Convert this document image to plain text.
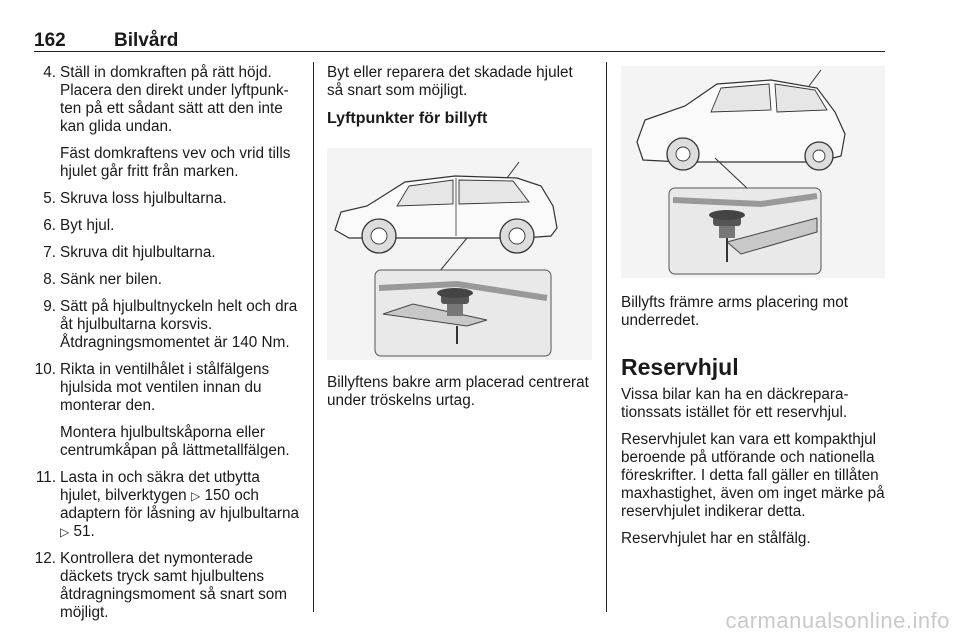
162	Bilvård
4. Ställ in domkraften på rätt höjd. Placera den direkt under lyftpunkten på ett sådant sätt att den inte kan glida undan.

Fäst domkraftens vev och vrid tills hjulet går fritt från marken.

5. Skruva loss hjulbultarna.

6. Byt hjul.

7. Skruva dit hjulbultarna.

8. Sänk ner bilen.

9. Sätt på hjulbultnyckeln helt och dra åt hjulbultarna korsvis. Åtdragningsmomentet är 140 Nm.

10. Rikta in ventilhålet i stålfälgens hjulsida mot ventilen innan du monterar den.

Montera hjulbultskåporna eller centrumkåpan på lättmetallfälgen.

11. Lasta in och säkra det utbytta hjulet, bilverktygen ▷ 150 och adaptern för låsning av hjulbultarna ▷ 51.

12. Kontrollera det nymonterade däckets tryck samt hjulbultens åtdragningsmoment så snart som möjligt.

Byt eller reparera det skadade hjulet så snart som möjligt.

Lyftpunkter för billyft

Billyftens bakre arm placerad centrerat under tröskelns urtag.

Billyfts främre arms placering mot underredet.

Reservhjul

Vissa bilar kan ha en däckreparationssats istället för ett reservhjul.

Reservhjulet kan vara ett kompakthjul beroende på utförande och nationella föreskrifter. I detta fall gäller en tillåten maxhastighet, även om inget märke på reservhjulet indikerar detta.

Reservhjulet har en stålfälg.

carmanualsonline.info
